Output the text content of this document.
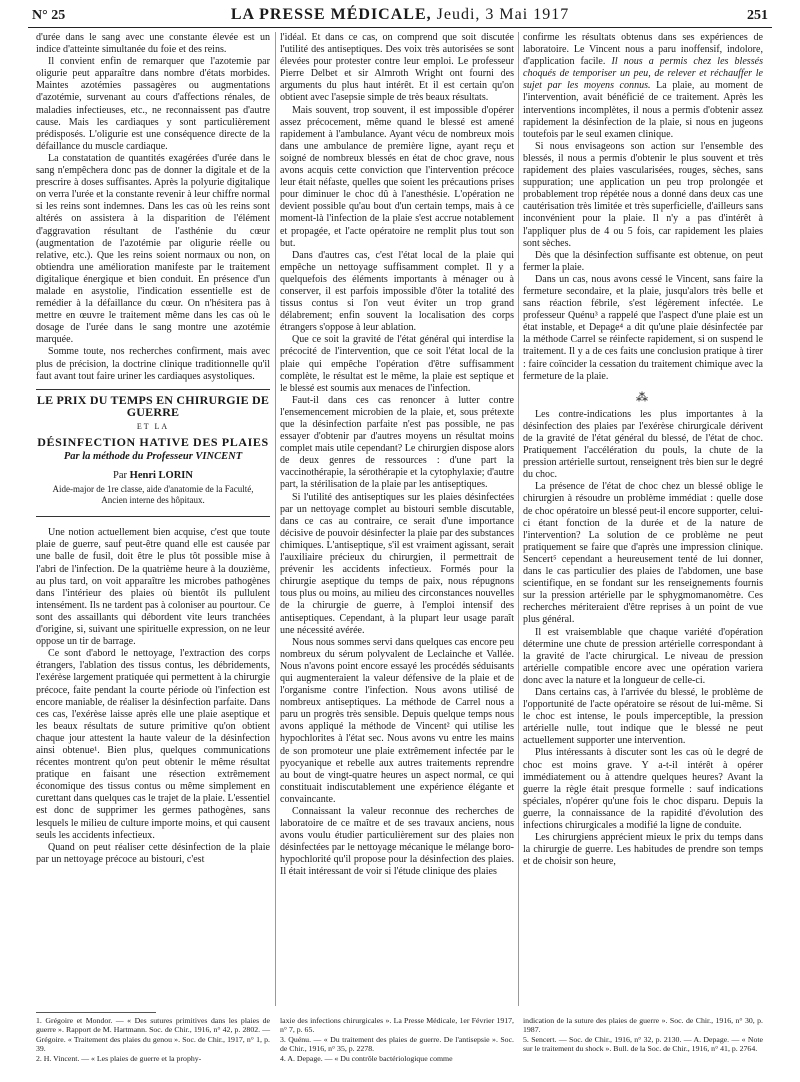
N° 25	LA PRESSE MÉDICALE, Jeudi, 3 Mai 1917	251

d'urée dans le sang avec une constante élevée est un indice d'atteinte simultanée du foie et des reins.

Il convient enfin de remarquer que l'azotemie par oligurie peut apparaître dans nombre d'états morbides. Maintes azotémies passagères ou augmentations d'azotémie, survenant au cours d'affections rénales, de maladies infectieuses, etc., ne reconnaissent pas d'autre cause. Mais les cardiaques y sont particulièrement prédisposés. L'oligurie est une conséquence directe de la défaillance du muscle cardiaque.

La constatation de quantités exagérées d'urée dans le sang n'empêchera donc pas de donner la digitale et de la prescrire à doses suffisantes. Après la polyurie digitalique on verra l'urée et la constante revenir à leur chiffre normal si les reins sont indemnes. Dans les cas où les reins sont altérés on assistera à la disparition de l'élément d'aggravation résultant de l'asthénie du cœur (augmentation de l'azotémie par oligurie réelle ou relative, etc.). Que les reins soient normaux ou non, on obtiendra une amélioration manifeste par le traitement digitalique énergique et bien conduit. En présence d'un malade en asystolie, l'indication essentielle est de remédier à la défaillance du cœur. On n'hésitera pas à mettre en œuvre le traitement même dans les cas où le dosage de l'urée dans le sang montre une azotémie marquée.

Somme toute, nos recherches confirment, mais avec plus de précision, la doctrine clinique traditionnelle qu'il faut avant tout faire uriner les cardiaques asystoliques.

LE PRIX DU TEMPS EN CHIRURGIE DE GUERRE
ET LA
DÉSINFECTION HATIVE DES PLAIES
Par la méthode du Professeur VINCENT
Par Henri LORIN
Aide-major de 1re classe, aide d'anatomie de la Faculté,
Ancien interne des hôpitaux.

Une notion actuellement bien acquise, c'est que toute plaie de guerre, sauf peut-être quand elle est causée par une balle de fusil, doit être le plus tôt possible mise à l'abri de l'infection. De la quatrième heure à la douzième, au plus tard, on voit apparaître les microbes pathogènes dans l'intérieur des plaies où bientôt ils pullulent intensément. Ils ne tardent pas à coloniser au pourtour. Ce sont des assaillants qui débordent vite leurs tranchées d'origine, si, suivant une spirituelle expression, on ne leur oppose un tir de barrage.

Ce sont d'abord le nettoyage, l'extraction des corps étrangers, l'ablation des tissus contus, les débridements, l'exérèse largement pratiquée qui permettent à la chirurgie précoce, faite pendant la courte période où l'infection est encore maniable, de réaliser la désinfection parfaite. Dans ces cas, l'exérèse laisse après elle une plaie aseptique et les beaux résultats de suture primitive qu'on obtient chaque jour attestent la haute valeur de la désinfection ainsi obtenue¹. Bien plus, quelques communications récentes montrent qu'on peut obtenir le même résultat pratique en faisant une résection extrêmement économique des tissus contus ou même simplement en curettant dans quelques cas le trajet de la plaie. L'essentiel est donc de supprimer les germes pathogènes, sans lesquels le milieu de culture importe moins, et qui causent seuls les accidents infectieux.

Quand on peut réaliser cette désinfection de la plaie par un nettoyage précoce au bistouri, c'est

l'idéal. Et dans ce cas, on comprend que soit discutée l'utilité des antiseptiques. Des voix très autorisées se sont élevées pour protester contre leur emploi. Le professeur Pierre Delbet et sir Almroth Wright ont fourni des arguments du plus haut intérêt. Et il est certain qu'on obtient avec l'asepsie simple de très beaux résultats.

Mais souvent, trop souvent, il est impossible d'opérer assez précocement, même quand le blessé est amené rapidement à l'ambulance. Ayant vécu de nombreux mois dans une ambulance de première ligne, ayant reçu et soigné de nombreux blessés en état de choc grave, nous avons acquis cette conviction que l'intervention précoce leur était néfaste, quelles que soient les précautions prises pour diminuer le choc dû à l'anesthésie. L'opération ne devient possible qu'au bout d'un certain temps, mais à ce moment-là l'infection de la plaie s'est accrue notablement et propagée, et l'acte opératoire ne remplit plus tout son but.

Dans d'autres cas, c'est l'état local de la plaie qui empêche un nettoyage suffisamment complet. Il y a quelquefois des éléments importants à ménager ou à conserver, il est parfois impossible d'ôter la totalité des tissus contus si l'on veut éviter un trop grand délabrement; enfin souvent la localisation des corps étrangers s'oppose à leur ablation.

Que ce soit la gravité de l'état général qui interdise la précocité de l'intervention, que ce soit l'état local de la plaie qui empêche l'opération d'être suffisamment complète, le résultat est le même, la plaie est septique et le blessé est soumis aux menaces de l'infection.

Faut-il dans ces cas renoncer à lutter contre l'ensemencement microbien de la plaie, et, sous prétexte que la désinfection parfaite n'est pas possible, ne pas essayer d'obtenir par d'autres moyens un résultat moins complet mais utile cependant? Le chirurgien dispose alors de deux genres de ressources : d'une part la vaccinothérapie, la sérothérapie et la cytophylaxie; d'autre part, la stérilisation de la plaie par les antiseptiques.

Si l'utilité des antiseptiques sur les plaies désinfectées par un nettoyage complet au bistouri semble discutable, dans ce cas au contraire, ce serait d'une importance décisive de pouvoir désinfecter la plaie par des substances chimiques. L'antiseptique, s'il est vraiment agissant, serait l'auxiliaire précieux du chirurgien, il permettrait de prévenir les accidents infectieux. Formés pour la chirurgie aseptique du temps de paix, nous répugnons tous plus ou moins, au milieu des circonstances nouvelles de la chirurgie de guerre, à l'emploi intensif des antiseptiques. Cependant, à la plupart leur usage paraît une nécessité avérée.

Nous nous sommes servi dans quelques cas encore peu nombreux du sérum polyvalent de Leclainche et Vallée. Nous n'avons point encore essayé les procédés séduisants qui augmenteraient la valeur défensive de la plaie et de l'organisme contre l'infection. Nous avons utilisé de nombreux antiseptiques. La méthode de Carrel nous a paru un progrès très sensible. Depuis quelque temps nous avons appliqué la méthode de Vincent² qui utilise les hypochlorites à l'état sec. Nous avons vu entre les mains de son promoteur une plaie extrêmement infectée par le pyocyanique et rebelle aux autres traitements reprendre au bout de vingt-quatre heures un aspect normal, ce qui constituait indiscutablement une expérience élégante et convaincante.

Connaissant la valeur reconnue des recherches de laboratoire de ce maître et de ses travaux anciens, nous avons voulu étudier particulièrement sur des plaies non désinfectées par le nettoyage mécanique le mélange boro-hypochlorité qu'il propose pour la désinfection des plaies. Il était intéressant de voir si l'étude clinique des plaies

confirme les résultats obtenus dans ses expériences de laboratoire. Le Vincent nous a paru inoffensif, indolore, d'application facile. Il nous a permis chez les blessés choqués de temporiser un peu, de relever et réchauffer le sujet par les moyens connus. La plaie, au moment de l'intervention, avait bénéficié de ce traitement. Après les interventions incomplètes, il nous a permis d'obtenir assez rapidement la désinfection de la plaie, si nous en jugeons toutefois par le seul examen clinique.

Si nous envisageons son action sur l'ensemble des blessés, il nous a permis d'obtenir le plus souvent et très rapidement des plaies vascularisées, rouges, sèches, sans suppuration; une application un peu trop prolongée et probablement trop répétée nous a donné dans deux cas une cautérisation très limitée et très superficielle, d'ailleurs sans inconvénient pour la plaie. Il n'y a pas d'intérêt à l'appliquer plus de 4 ou 5 fois, car rapidement les plaies sont sèches.

Dès que la désinfection suffisante est obtenue, on peut fermer la plaie.

Dans un cas, nous avons cessé le Vincent, sans faire la fermeture secondaire, et la plaie, jusqu'alors très belle et sans réaction fébrile, s'est légèrement infectée. Le professeur Quénu³ a rappelé que l'aspect d'une plaie est un état instable, et Depage⁴ a dit qu'une plaie désinfectée par la méthode Carrel se réinfecte rapidement, si on suspend le traitement. Il y a de ces faits une conclusion pratique à tirer : faire coïncider la cessation du traitement chimique avec la fermeture de la plaie.

⁂

Les contre-indications les plus importantes à la désinfection des plaies par l'exérèse chirurgicale dérivent de la gravité de l'état général du blessé, de l'état de choc. Pratiquement l'accélération du pouls, la chute de la pression artérielle surtout, renseignent très bien sur le degré du choc.

La présence de l'état de choc chez un blessé oblige le chirurgien à résoudre un problème immédiat : quelle dose de choc opératoire un blessé peut-il encore supporter, celui-ci étant fonction de la durée et de la nature de l'intervention? La solution de ce problème ne peut pratiquement se faire que d'après une impression clinique. Sencert⁵ cependant a heureusement tenté de lui donner, dans le cas particulier des plaies de l'abdomen, une base scientifique, en se fondant sur les renseignements fournis sur la pression artérielle par le sphygmomanomètre. Ces recherches mériteraient d'être reprises à un point de vue plus général.

Il est vraisemblable que chaque variété d'opération détermine une chute de pression artérielle correspondant à la gravité de l'acte chirurgical. Le niveau de pression artérielle compatible encore avec une opération variera donc avec la nature et la longueur de celle-ci.

Dans certains cas, à l'arrivée du blessé, le problème de l'opportunité de l'acte opératoire se résout de lui-même. Si le choc est intense, le pouls imperceptible, la pression artérielle nulle, tout indique que le blessé ne peut actuellement supporter une intervention.

Plus intéressants à discuter sont les cas où le degré de choc est moins grave. Y a-t-il intérêt à opérer immédiatement ou à attendre quelques heures? Avant la guerre la règle était presque formelle : sauf indications spéciales, n'opérer qu'une fois le choc disparu. Depuis la guerre, la connaissance de la rapidité d'évolution des infections chirurgicales a modifié la ligne de conduite.

Les chirurgiens apprécient mieux le prix du temps dans la chirurgie de guerre. Les habitudes de prendre son temps et de choisir son heure,

1. Grégoire et Mondor. — « Des sutures primitives dans les plaies de guerre ». Rapport de M. Hartmann. Soc. de Chir., 1916, n° 42, p. 2802. — Grégoire. « Traitement des plaies du genou ». Soc. de Chir., 1917, n° 1, p. 39.

2. H. Vincent. — « Les plaies de guerre et la prophy-

laxie des infections chirurgicales ». La Presse Médicale, 1er Février 1917, n° 7, p. 65.

3. Quénu. — « Du traitement des plaies de guerre. De l'antisepsie ». Soc. de Chir., 1916, n° 35, p. 2278.

4. A. Depage. — « Du contrôle bactériologique comme

indication de la suture des plaies de guerre ». Soc. de Chir., 1916, n° 30, p. 1987.

5. Sencert. — Soc. de Chir., 1916, n° 32, p. 2130. — A. Depage. — « Note sur le traitement du shock ». Bull. de la Soc. de Chir., 1916, n° 41, p. 2764.
